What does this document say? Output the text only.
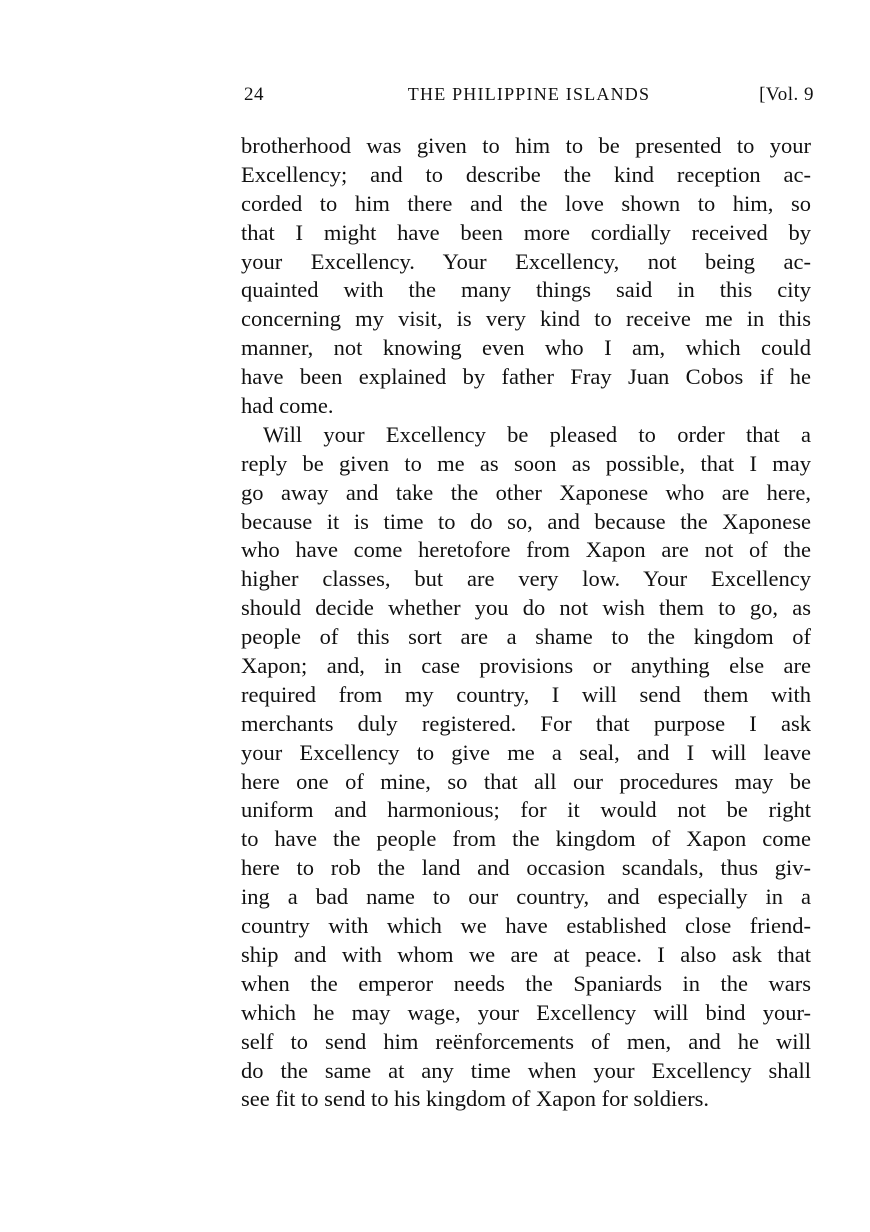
24	THE PHILIPPINE ISLANDS	[Vol. 9
brotherhood was given to him to be presented to your
Excellency; and to describe the kind reception ac-
corded to him there and the love shown to him, so
that I might have been more cordially received by
your Excellency. Your Excellency, not being ac-
quainted with the many things said in this city
concerning my visit, is very kind to receive me in this
manner, not knowing even who I am, which could
have been explained by father Fray Juan Cobos if he
had come.
Will your Excellency be pleased to order that a
reply be given to me as soon as possible, that I may
go away and take the other Xaponese who are here,
because it is time to do so, and because the Xaponese
who have come heretofore from Xapon are not of the
higher classes, but are very low. Your Excellency
should decide whether you do not wish them to go, as
people of this sort are a shame to the kingdom of
Xapon; and, in case provisions or anything else are
required from my country, I will send them with
merchants duly registered. For that purpose I ask
your Excellency to give me a seal, and I will leave
here one of mine, so that all our procedures may be
uniform and harmonious; for it would not be right
to have the people from the kingdom of Xapon come
here to rob the land and occasion scandals, thus giv-
ing a bad name to our country, and especially in a
country with which we have established close friend-
ship and with whom we are at peace. I also ask that
when the emperor needs the Spaniards in the wars
which he may wage, your Excellency will bind your-
self to send him reënforcements of men, and he will
do the same at any time when your Excellency shall
see fit to send to his kingdom of Xapon for soldiers.
